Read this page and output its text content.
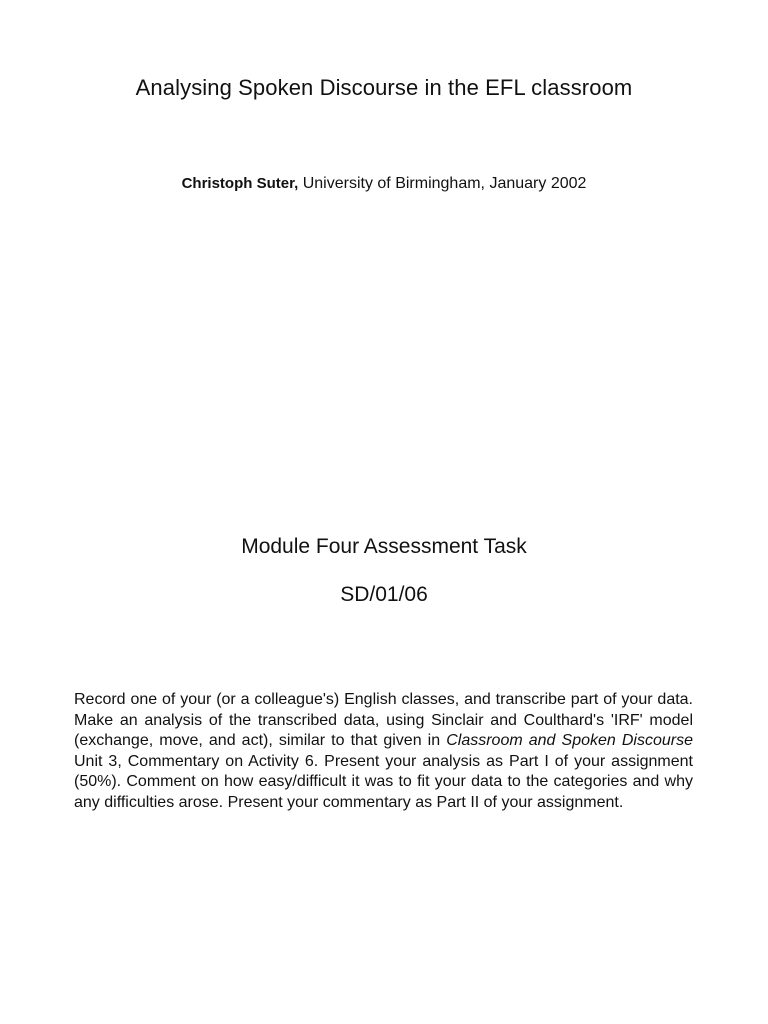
Analysing Spoken Discourse in the EFL classroom
Christoph Suter, University of Birmingham, January 2002
Module Four Assessment Task
SD/01/06

Record one of your (or a colleague's) English classes, and transcribe part of your data. Make an analysis of the transcribed data, using Sinclair and Coulthard's 'IRF' model (exchange, move, and act), similar to that given in Classroom and Spoken Discourse Unit 3, Commentary on Activity 6. Present your analysis as Part I of your assignment (50%). Comment on how easy/difficult it was to fit your data to the categories and why any difficulties arose. Present your commentary as Part II of your assignment.
